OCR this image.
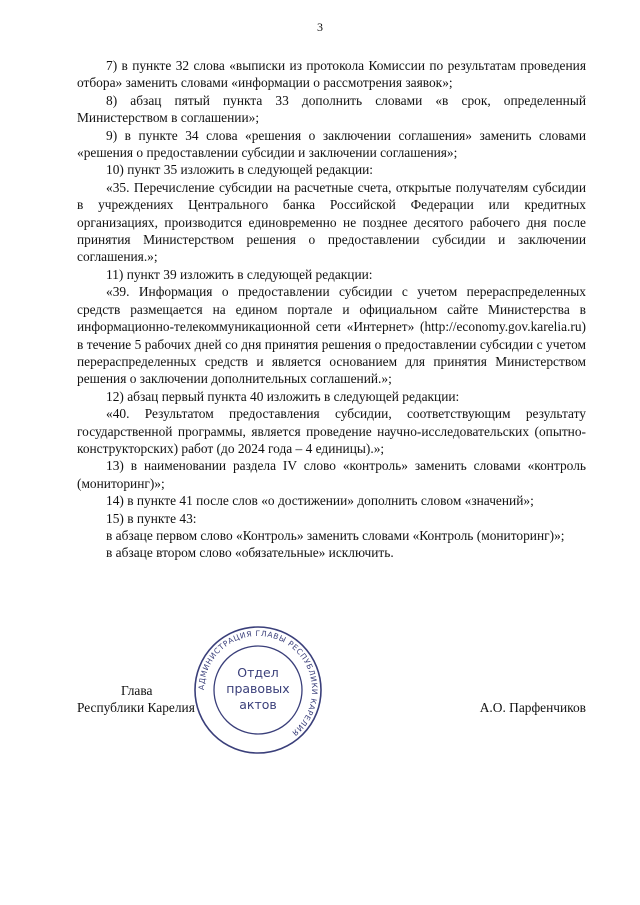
3

7) в пункте 32 слова «выписки из протокола Комиссии по результатам проведения отбора» заменить словами «информации о рассмотрения заявок»;

8) абзац пятый пункта 33 дополнить словами «в срок, определенный Министерством в соглашении»;

9) в пункте 34 слова «решения о заключении соглашения» заменить словами «решения о предоставлении субсидии и заключении соглашения»;

10) пункт 35 изложить в следующей редакции:

«35. Перечисление субсидии на расчетные счета, открытые получателям субсидии в учреждениях Центрального банка Российской Федерации или кредитных организациях, производится единовременно не позднее десятого рабочего дня после принятия Министерством решения о предоставлении субсидии и заключении соглашения.»;

11) пункт 39 изложить в следующей редакции:

«39. Информация о предоставлении субсидии с учетом перераспределенных средств размещается на едином портале и официальном сайте Министерства в информационно-телекоммуникационной сети «Интернет» (http://economy.gov.karelia.ru) в течение 5 рабочих дней со дня принятия решения о предоставлении субсидии с учетом перераспределенных средств и является основанием для принятия Министерством решения о заключении дополнительных соглашений.»;

12) абзац первый пункта 40 изложить в следующей редакции:

«40. Результатом предоставления субсидии, соответствующим результату государственной программы, является проведение научно-исследовательских (опытно-конструкторских) работ (до 2024 года – 4 единицы).»;

13) в наименовании раздела IV слово «контроль» заменить словами «контроль (мониторинг)»;

14) в пункте 41 после слов «о достижении» дополнить словом «значений»;

15) в пункте 43:

в абзаце первом слово «Контроль» заменить словами «Контроль (мониторинг)»;

в абзаце втором слово «обязательные» исключить.

Глава
Республики Карелия	А.О. Парфенчиков
АДМИНИСТРАЦИЯ ГЛАВЫ РЕСПУБЛИКИ КАРЕЛИЯ
Отдел
правовых
актов
